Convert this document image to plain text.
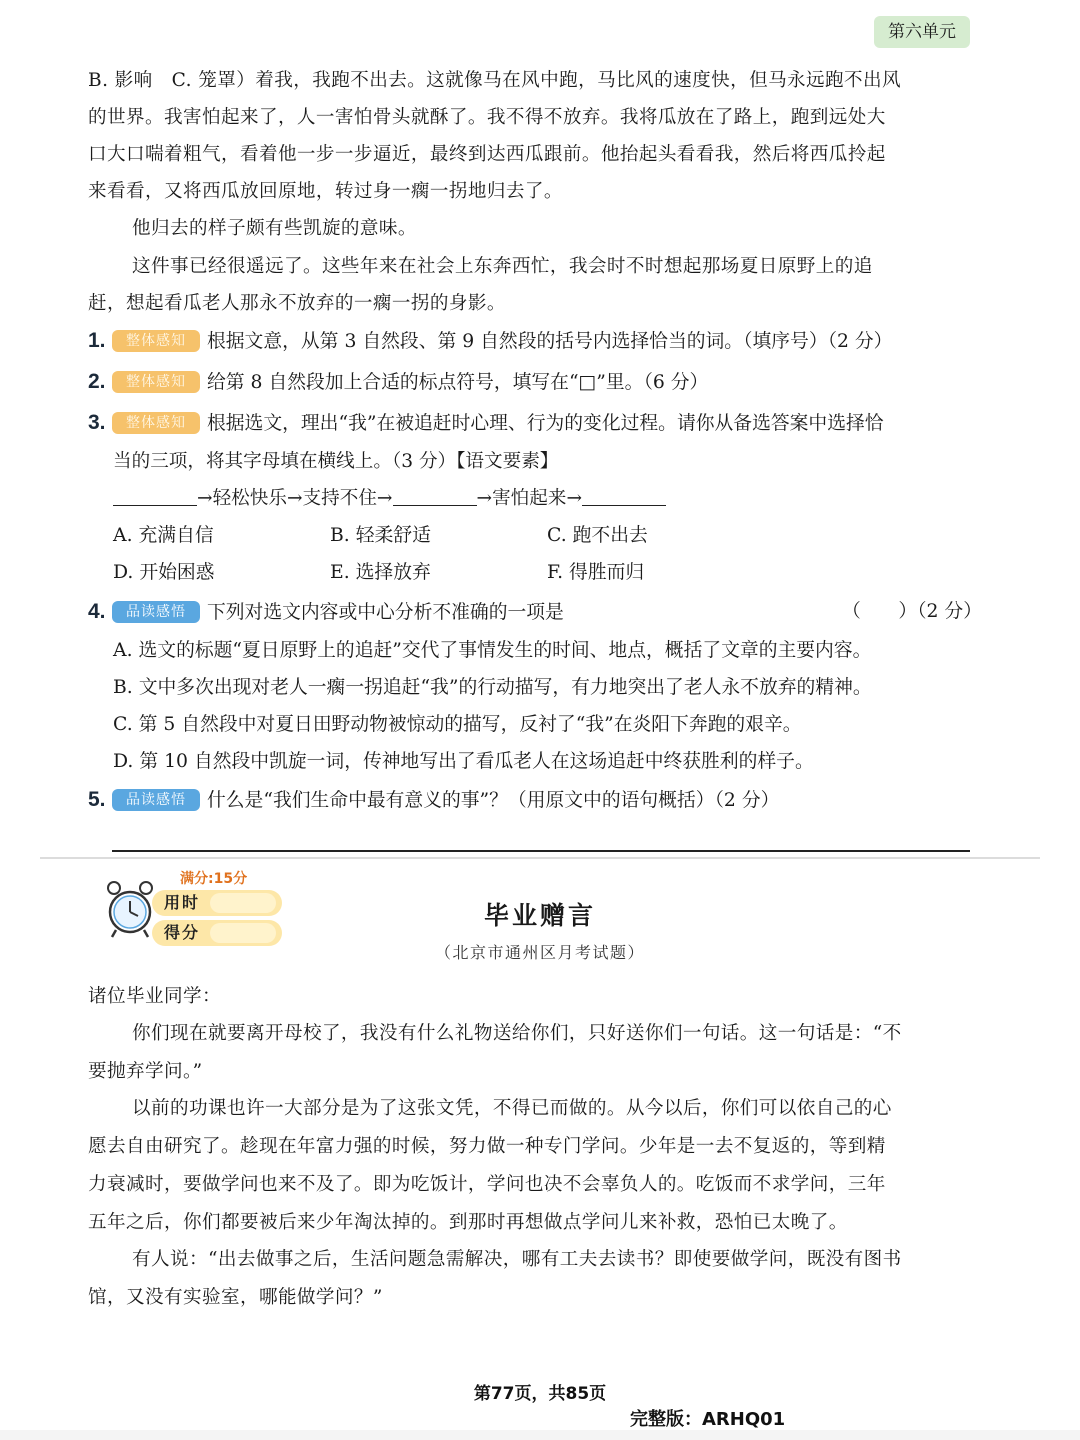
第六单元
B. 影响　C. 笼罩）着我，我跑不出去。这就像马在风中跑，马比风的速度快，但马永远跑不出风
的世界。我害怕起来了，人一害怕骨头就酥了。我不得不放弃。我将瓜放在了路上，跑到远处大
口大口喘着粗气，看着他一步一步逼近，最终到达西瓜跟前。他抬起头看看我，然后将西瓜拎起
来看看，又将西瓜放回原地，转过身一瘸一拐地归去了。
他归去的样子颇有些凯旋的意味。
这件事已经很遥远了。这些年来在社会上东奔西忙，我会时不时想起那场夏日原野上的追
赶，想起看瓜老人那永不放弃的一瘸一拐的身影。
1. 整体感知 根据文意，从第 3 自然段、第 9 自然段的括号内选择恰当的词。（填序号）（2 分）
2. 整体感知 给第 8 自然段加上合适的标点符号，填写在“□”里。（6 分）
3. 整体感知 根据选文，理出“我”在被追赶时心理、行为的变化过程。请你从备选答案中选择恰
当的三项，将其字母填在横线上。（3 分）【语文要素】
→轻松快乐→支持不住→	→害怕起来→
A. 充满自信	B. 轻柔舒适	C. 跑不出去
D. 开始困惑	E. 选择放弃	F. 得胜而归
4. 品读感悟 下列对选文内容或中心分析不准确的一项是	（　　）（2 分）
A. 选文的标题“夏日原野上的追赶”交代了事情发生的时间、地点，概括了文章的主要内容。
B. 文中多次出现对老人一瘸一拐追赶“我”的行动描写，有力地突出了老人永不放弃的精神。
C. 第 5 自然段中对夏日田野动物被惊动的描写，反衬了“我”在炎阳下奔跑的艰辛。
D. 第 10 自然段中凯旋一词，传神地写出了看瓜老人在这场追赶中终获胜利的样子。
5. 品读感悟 什么是“我们生命中最有意义的事”？（用原文中的语句概括）（2 分）
满分:15分
用时
得分
毕业赠言
（北京市通州区月考试题）
诸位毕业同学：
你们现在就要离开母校了，我没有什么礼物送给你们，只好送你们一句话。这一句话是：“不
要抛弃学问。”
以前的功课也许一大部分是为了这张文凭，不得已而做的。从今以后，你们可以依自己的心
愿去自由研究了。趁现在年富力强的时候，努力做一种专门学问。少年是一去不复返的，等到精
力衰减时，要做学问也来不及了。即为吃饭计，学问也决不会辜负人的。吃饭而不求学问，三年
五年之后，你们都要被后来少年淘汰掉的。到那时再想做点学问儿来补救，恐怕已太晚了。
有人说：“出去做事之后，生活问题急需解决，哪有工夫去读书？即使要做学问，既没有图书
馆，又没有实验室，哪能做学问？”
第77页，共85页
完整版：ARHQ01
